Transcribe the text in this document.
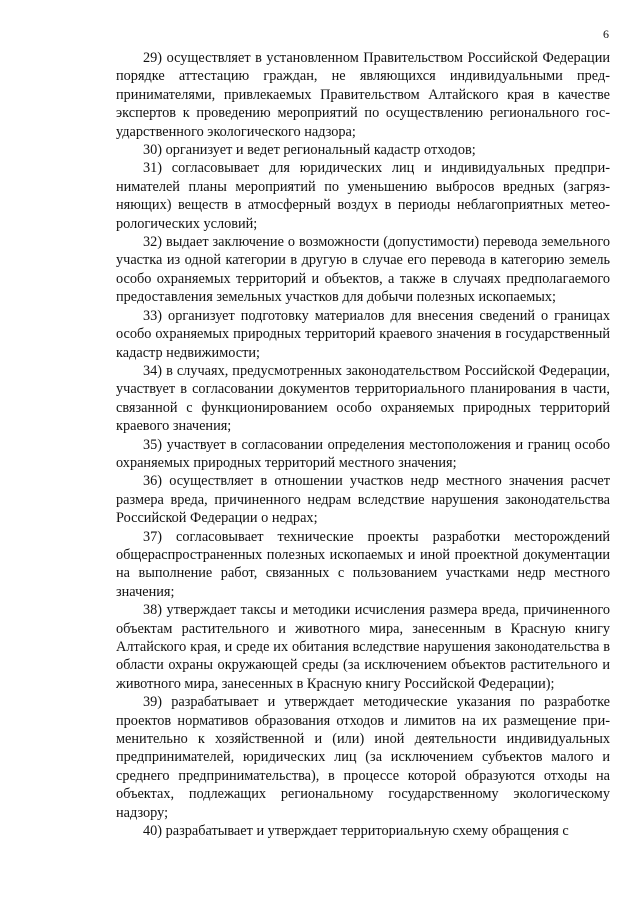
6

29) осуществляет в установленном Правительством Российской Федерации порядке аттестацию граждан, не являющихся индивидуальными предпринимателями, привлекаемых Правительством Алтайского края в качестве экспертов к проведению мероприятий по осуществлению регионального государственного экологического надзора;

30) организует и ведет региональный кадастр отходов;

31) согласовывает для юридических лиц и индивидуальных предпринимателей планы мероприятий по уменьшению выбросов вредных (загрязняющих) веществ в атмосферный воздух в периоды неблагоприятных метеорологических условий;

32) выдает заключение о возможности (допустимости) перевода земельного участка из одной категории в другую в случае его перевода в категорию земель особо охраняемых территорий и объектов, а также в случаях предполагаемого предоставления земельных участков для добычи полезных ископаемых;

33) организует подготовку материалов для внесения сведений о границах особо охраняемых природных территорий краевого значения в государственный кадастр недвижимости;

34) в случаях, предусмотренных законодательством Российской Федерации, участвует в согласовании документов территориального планирования в части, связанной с функционированием особо охраняемых природных территорий краевого значения;

35) участвует в согласовании определения местоположения и границ особо охраняемых природных территорий местного значения;

36) осуществляет в отношении участков недр местного значения расчет размера вреда, причиненного недрам вследствие нарушения законодательства Российской Федерации о недрах;

37) согласовывает технические проекты разработки месторождений общераспространенных полезных ископаемых и иной проектной документации на выполнение работ, связанных с пользованием участками недр местного значения;

38) утверждает таксы и методики исчисления размера вреда, причиненного объектам растительного и животного мира, занесенным в Красную книгу Алтайского края, и среде их обитания вследствие нарушения законодательства в области охраны окружающей среды (за исключением объектов растительного и животного мира, занесенных в Красную книгу Российской Федерации);

39) разрабатывает и утверждает методические указания по разработке проектов нормативов образования отходов и лимитов на их размещение применительно к хозяйственной и (или) иной деятельности индивидуальных предпринимателей, юридических лиц (за исключением субъектов малого и среднего предпринимательства), в процессе которой образуются отходы на объектах, подлежащих региональному государственному экологическому надзору;

40) разрабатывает и утверждает территориальную схему обращения с
